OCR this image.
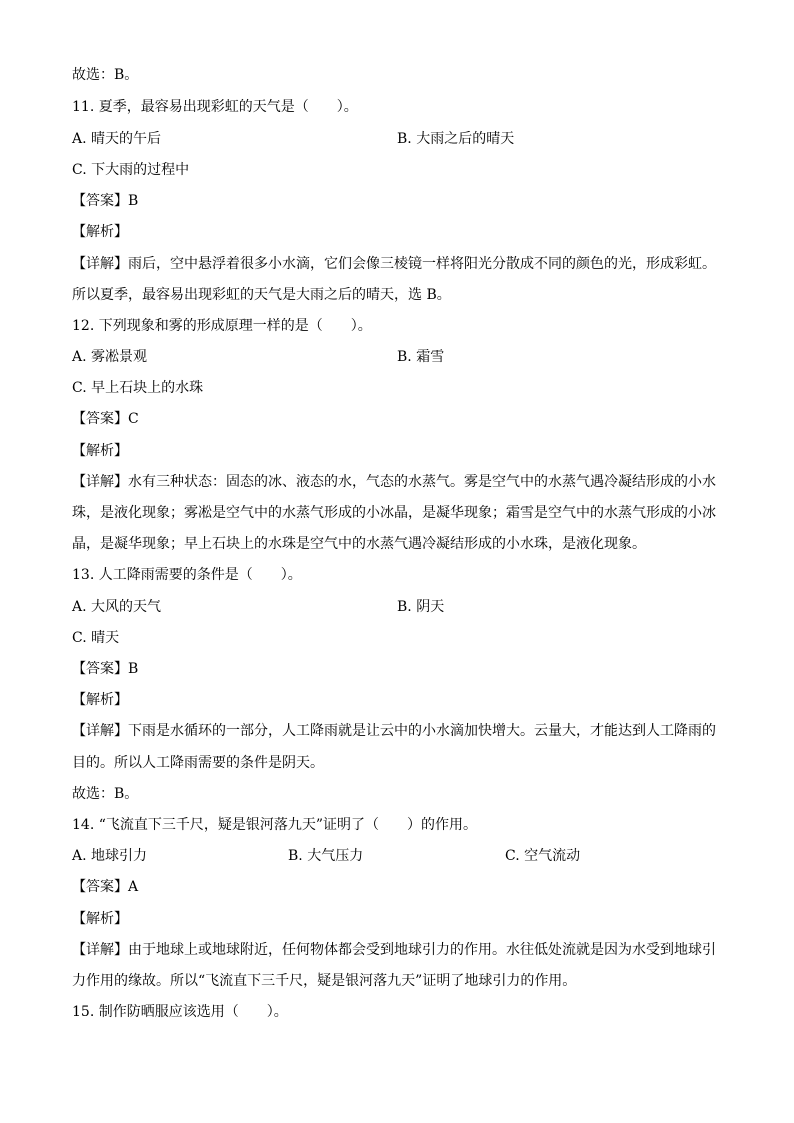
故选：B。
11. 夏季，最容易出现彩虹的天气是（　　）。
A. 晴天的午后	B. 大雨之后的晴天
C. 下大雨的过程中
【答案】B
【解析】
【详解】雨后，空中悬浮着很多小水滴，它们会像三棱镜一样将阳光分散成不同的颜色的光，形成彩虹。
所以夏季，最容易出现彩虹的天气是大雨之后的晴天，选 B。
12. 下列现象和雾的形成原理一样的是（　　）。
A. 雾凇景观	B. 霜雪
C. 早上石块上的水珠
【答案】C
【解析】
【详解】水有三种状态：固态的冰、液态的水，气态的水蒸气。雾是空气中的水蒸气遇冷凝结形成的小水
珠，是液化现象；雾凇是空气中的水蒸气形成的小冰晶，是凝华现象；霜雪是空气中的水蒸气形成的小冰
晶，是凝华现象；早上石块上的水珠是空气中的水蒸气遇冷凝结形成的小水珠，是液化现象。
13. 人工降雨需要的条件是（　　）。
A. 大风的天气	B. 阴天
C. 晴天
【答案】B
【解析】
【详解】下雨是水循环的一部分，人工降雨就是让云中的小水滴加快增大。云量大，才能达到人工降雨的
目的。所以人工降雨需要的条件是阴天。
故选：B。
14. “飞流直下三千尺，疑是银河落九天”证明了（　　）的作用。
A. 地球引力	B. 大气压力	C. 空气流动
【答案】A
【解析】
【详解】由于地球上或地球附近，任何物体都会受到地球引力的作用。水往低处流就是因为水受到地球引
力作用的缘故。所以“飞流直下三千尺，疑是银河落九天”证明了地球引力的作用。
15. 制作防晒服应该选用（　　）。
